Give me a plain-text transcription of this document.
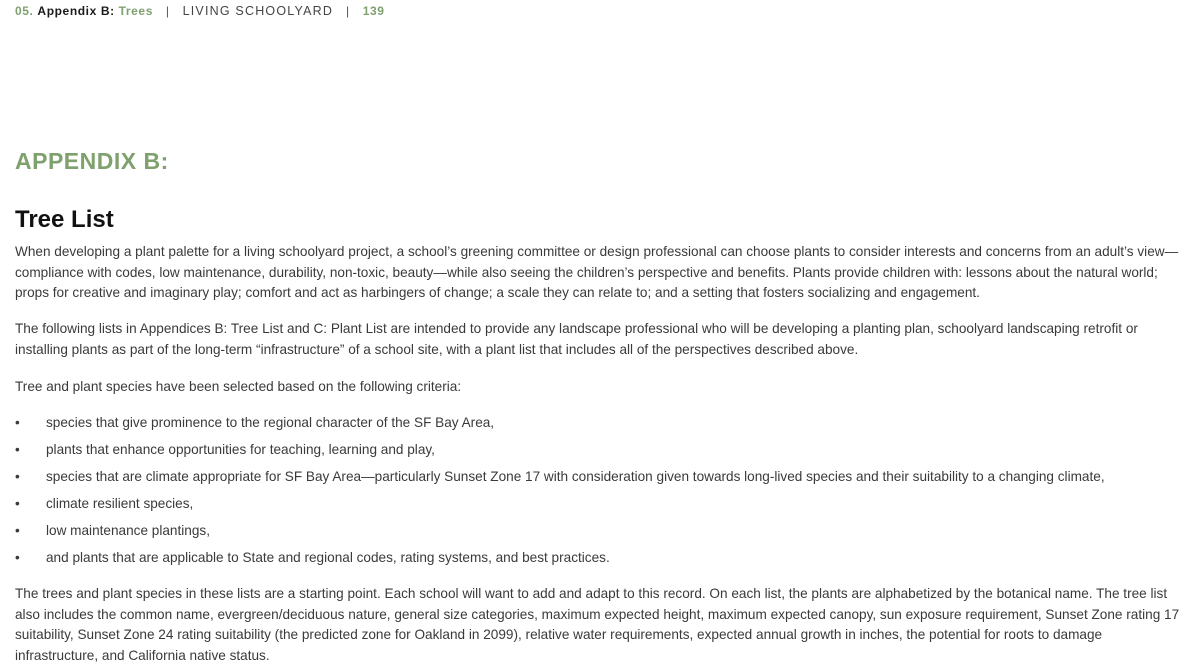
05. Appendix B: Trees | LIVING SCHOOLYARD | 139
APPENDIX B:
Tree List

When developing a plant palette for a living schoolyard project, a school’s greening committee or design professional can choose plants to consider interests and concerns from an adult’s view—compliance with codes, low maintenance, durability, non-toxic, beauty—while also seeing the children’s perspective and benefits. Plants provide children with: lessons about the natural world; props for creative and imaginary play; comfort and act as harbingers of change; a scale they can relate to; and a setting that fosters socializing and engagement.

The following lists in Appendices B: Tree List and C: Plant List are intended to provide any landscape professional who will be developing a planting plan, schoolyard landscaping retrofit or installing plants as part of the long-term “infrastructure” of a school site, with a plant list that includes all of the perspectives described above.

Tree and plant species have been selected based on the following criteria:

• species that give prominence to the regional character of the SF Bay Area,
• plants that enhance opportunities for teaching, learning and play,
• species that are climate appropriate for SF Bay Area—particularly Sunset Zone 17 with consideration given towards long-lived species and their suitability to a changing climate,
• climate resilient species,
• low maintenance plantings,
• and plants that are applicable to State and regional codes, rating systems, and best practices.

The trees and plant species in these lists are a starting point. Each school will want to add and adapt to this record. On each list, the plants are alphabetized by the botanical name. The tree list also includes the common name, evergreen/deciduous nature, general size categories, maximum expected height, maximum expected canopy, sun exposure requirement, Sunset Zone rating 17 suitability, Sunset Zone 24 rating suitability (the predicted zone for Oakland in 2099), relative water requirements, expected annual growth in inches, the potential for roots to damage infrastructure, and California native status.
